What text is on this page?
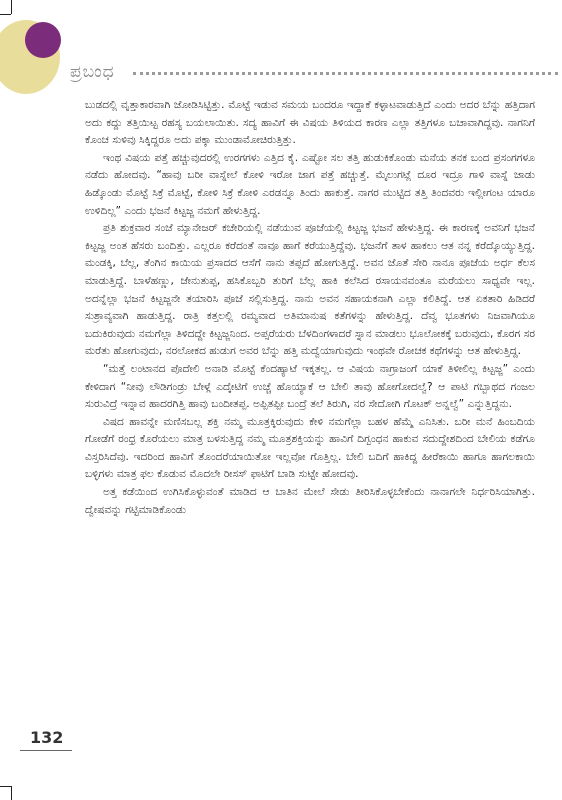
ಪ್ರಬಂಧ

ಬುಡದಲ್ಲಿ ವೃತ್ತಾಕಾರವಾಗಿ ಜೋಡಿಸಿಟ್ಟಿತ್ತು. ಮೊಟ್ಟೆ ಇಡುವ ಸಮಯ ಬಂದರೂ ಇದ್ದಾಕೆ ಕಳ್ಳಾಟವಾಡುತ್ತಿದೆ ಎಂದು ಅದರ ಬೆನ್ನು ಹತ್ತಿದಾಗ ಅದು ಕದ್ದು ತತ್ತಿಯಿಟ್ಟ ರಹಸ್ಯ ಬಯಲಾಯಿತು. ಸದ್ಯ ಹಾವಿಗೆ ಈ ವಿಷಯ ತಿಳಿಯದ ಕಾರಣ ಎಲ್ಲಾ ತತ್ತಿಗಳೂ ಬಚಾವಾಗಿದ್ದವು. ನಾಗನಿಗೆ ಕೊಂಚ ಸುಳಿವು ಸಿಕ್ಕಿದ್ದರೂ ಅದು ಪಕ್ಕಾ ಮುಂಡಾಮೋಚಿರುತ್ತಿತ್ತು.

ಇಂಥ ವಿಷಯ ಪತ್ತೆ ಹಚ್ಚುವುದರಲ್ಲಿ ಉರಗಗಳು ಎತ್ತಿದ ಕೈ. ಎಷ್ಟೋ ಸಲ ತತ್ತಿ ಹುಡುಕಿಕೊಂಡು ಮನೆಯ ತನಕ ಬಂದ ಪ್ರಸಂಗಗಳೂ ನಡೆದು ಹೋದವು. “ಹಾವು ಬರೀ ವಾಸ್ನೇಲೆ ಕೋಳಿ ಇರೋ ಜಾಗ ಪತ್ತೆ ಹಚ್ಚುತ್ತೆ. ಮೈಲುಗಟ್ಲೆ ದೂರ ಇದ್ರೂ ಗಾಳಿ ವಾಸ್ನೆ ಜಾಡು ಹಿಡ್ಕೊಂಡು ಮೊಟ್ಟೆ ಸಿಕ್ರೆ ಮೊಟ್ಟೆ, ಕೋಳಿ ಸಿಕ್ರೆ ಕೋಳಿ ಎರಡನ್ನೂ ತಿಂದು ಹಾಕುತ್ತೆ. ನಾಗರ ಮುಟ್ಟಿದ ತತ್ತಿ ತಿಂದವರು ಇಲ್ಲೀಗಂಟ ಯಾರೂ ಉಳಿದಿಲ್ಲ” ಎಂದು ಭಜನೆ ಕಿಟ್ಟಜ್ಜ ನಮಗೆ ಹೇಳುತ್ತಿದ್ದ.

ಪ್ರತಿ ಶುಕ್ರವಾರ ಸಂಜೆ ಮ್ಯಾನೇಜರ್ ಕಚೇರಿಯಲ್ಲಿ ನಡೆಯುವ ಪೂಜೆಯಲ್ಲಿ ಕಿಟ್ಟಜ್ಜ ಭಜನೆ ಹೇಳುತ್ತಿದ್ದ. ಈ ಕಾರಣಕ್ಕೆ ಅವನಿಗೆ ಭಜನೆ ಕಿಟ್ಟಜ್ಜ ಅಂತ ಹೆಸರು ಬಂದಿತ್ತು. ಎಲ್ಲರೂ ಕರೆದಂತೆ ನಾವೂ ಹಾಗೆ ಕರೆಯುತ್ತಿದ್ದೆವು. ಭಜನೆಗೆ ತಾಳ ಹಾಕಲು ಆತ ನನ್ನ ಕರೆದ್ಕೊಯ್ಯುತ್ತಿದ್ದ. ಮಂಡಕ್ಕಿ, ಬೆಲ್ಲ, ತೆಂಗಿನ ಕಾಯಿಯ ಪ್ರಸಾದದ ಆಸೆಗೆ ನಾನು ತಪ್ಪದೆ ಹೋಗುತ್ತಿದ್ದೆ. ಅವನ ಜೊತೆ ಸೇರಿ ನಾನೂ ಪೂಜೆಯ ಅರ್ಧ ಕೆಲಸ ಮಾಡುತ್ತಿದ್ದೆ. ಬಾಳೆಹಣ್ಣು, ಜೇನುತುಪ್ಪ, ಹಸಿಕೊಬ್ಬರಿ ತುರಿಗೆ ಬೆಲ್ಲ ಹಾಕಿ ಕಲೆಸಿದ ರಸಾಯನವಂತೂ ಮರೆಯಲು ಸಾಧ್ಯವೇ ಇಲ್ಲ. ಅದನ್ನೆಲ್ಲಾ ಭಜನೆ ಕಿಟ್ಟಜ್ಜನೇ ತಯಾರಿಸಿ ಪೂಜೆ ಸಲ್ಲಿಸುತ್ತಿದ್ದ. ನಾನು ಅವನ ಸಹಾಯಕನಾಗಿ ಎಲ್ಲಾ ಕಲಿತಿದ್ದೆ. ಆತ ಏಕತಾರಿ ಹಿಡಿದರೆ ಸುಶ್ರಾವ್ಯವಾಗಿ ಹಾಡುತ್ತಿದ್ದ. ರಾತ್ರಿ ಕತ್ತಲಲ್ಲಿ ರಮ್ಯವಾದ ಅತಿಮಾನುಷ ಕತೆಗಳನ್ನು ಹೇಳುತ್ತಿದ್ದ. ದೆವ್ವ ಭೂತಗಳು ನಿಜವಾಗಿಯೂ ಬದುಕಿರುವುದು ನಮಗೆಲ್ಲಾ ತಿಳಿದದ್ದೇ ಕಿಟ್ಟಜ್ಜನಿಂದ. ಅಪ್ಸರೆಯರು ಬೆಳದಿಂಗಳಾದರೆ ಸ್ನಾನ ಮಾಡಲು ಭೂಲೋಕಕ್ಕೆ ಬರುವುದು, ಕೊರಗ ಸರ ಮರೆತು ಹೋಗುವುದು, ನರಲೋಕದ ಹುಡುಗ ಅವರ ಬೆನ್ನು ಹತ್ತಿ ಮದ್ವೆಯಾಗುವುದು ಇಂಥವೇ ರೋಚಕ ಕಥೆಗಳನ್ನು ಆತ ಹೇಳುತ್ತಿದ್ದ.

“ಮತ್ತೆ ಲಂಟಾನದ ಪೊದೇಲಿ ಅನಾಡಿ ಮೊಟ್ಟೆ ಕೆಂದಹ್ಯಾಟೆ ಇಕ್ಕತಲ್ಲ. ಆ ವಿಷಯ ನಾಗ್ರಾಜಂಗೆ ಯಾಕೆ ತಿಳೀಲಿಲ್ಲ ಕಿಟ್ಟಜ್ಜ” ಎಂದು ಕೇಳಿದಾಗ “ನೀವು ಲೌಡಿಗಂಡ್ರು ಬೇಳ್ಗೆ ಎದ್ಕೇಟಿಗೆ ಉಚ್ಚೆ ಹೊಯ್ಯಾಕೆ ಆ ಬೇಲಿ ತಾವು ಹೋಗೋದಲ್ವೆ? ಆ ಪಾಟಿ ಗಬ್ಬಾಥದ ಗಂಜಲ ಸುರುವಿದ್ರೆ ಇನ್ನಾವ ಹಾದರಗಿತ್ತಿ ಹಾವು ಬಂದೀತಪ್ಪ. ಅಪ್ಪಿತಪ್ಪೀ ಬಂದ್ರೆ ತಲೆ ತಿರುಗಿ, ನರ ಸೇದೋಗಿ ಗೊಟಕ್ ಅನ್ನಲ್ವೆ” ಎನ್ನುತ್ತಿದ್ದನು.

ವಿಷದ ಹಾವನ್ನೇ ಮಣಿಸಬಲ್ಲ ಶಕ್ತಿ ನಮ್ಮ ಮೂತ್ರಕ್ಕಿರುವುದು ಕೇಳಿ ನಮಗೆಲ್ಲಾ ಬಹಳ ಹೆಮ್ಮೆ ಎನಿಸಿತು. ಬರೀ ಮನೆ ಹಿಂಬದಿಯ ಗೋಡೆಗೆ ರಂಧ್ರ ಕೊರೆಯಲು ಮಾತ್ರ ಬಳಸುತ್ತಿದ್ದ ನಮ್ಮ ಮೂತ್ರಶಕ್ತಿಯನ್ನು ಹಾವಿಗೆ ದಿಗ್ಬಂಧನ ಹಾಕುವ ಸದುದ್ದೇಶದಿಂದ ಬೇಲಿಯ ಕಡೆಗೂ ವಿಸ್ತರಿಸಿದೆವು. ಇದರಿಂದ ಹಾವಿಗೆ ತೊಂದರೆಯಾಯಿತೋ ಇಲ್ಲವೋ ಗೊತ್ತಿಲ್ಲ. ಬೇಲಿ ಬದಿಗೆ ಹಾಕಿದ್ದ ಹೀರೆಕಾಯಿ ಹಾಗೂ ಹಾಗಲಕಾಯಿ ಬಳ್ಳಿಗಳು ಮಾತ್ರ ಫಲ ಕೊಡುವ ಮೊದಲೇ ರೀಸಸ್ ಫಾಟಿಗೆ ಬಾಡಿ ಸುಟ್ಟೇ ಹೋದವು.

ಅತ್ತ ಕಡೆಯಿಂದ ಉಗಿಸಿಕೊಳ್ಳುವಂತೆ ಮಾಡಿದ ಆ ಬಾತಿನ ಮೇಲೆ ಸೇಡು ತೀರಿಸಿಕೊಳ್ಳಬೇಕೆಂದು ನಾನಾಗಲೇ ನಿರ್ಧರಿಸಿಯಾಗಿತ್ತು. ದ್ವೇಷವನ್ನು ಗಟ್ಟಿಮಾಡಿಕೊಂಡು

132
